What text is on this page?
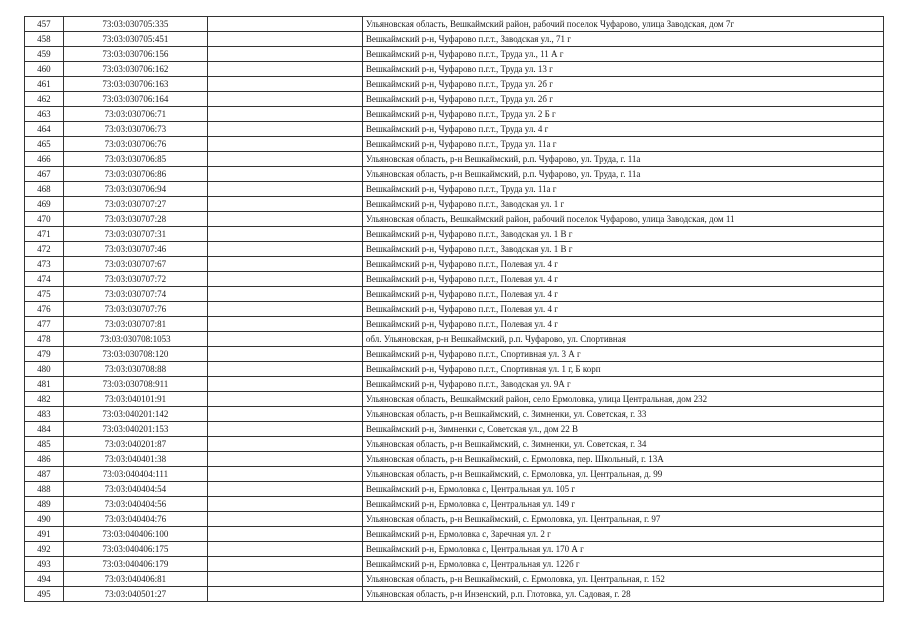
457	73:03:030705:335		Ульяновская область, Вешкаймский район, рабочий поселок Чуфарово, улица Заводская, дом 7г
458	73:03:030705:451		Вешкаймский р-н, Чуфарово п.г.т., Заводская ул., 71 г
459	73:03:030706:156		Вешкаймский р-н, Чуфарово п.г.т., Труда ул., 11 А г
460	73:03:030706:162		Вешкаймский р-н, Чуфарово п.г.т., Труда ул. 13 г
461	73:03:030706:163		Вешкаймский р-н, Чуфарово п.г.т., Труда ул. 2б г
462	73:03:030706:164		Вешкаймский р-н, Чуфарово п.г.т., Труда ул. 2б г
463	73:03:030706:71		Вешкаймский р-н, Чуфарово п.г.т., Труда ул. 2 Б г
464	73:03:030706:73		Вешкаймский р-н, Чуфарово п.г.т., Труда ул. 4 г
465	73:03:030706:76		Вешкаймский р-н, Чуфарово п.г.т., Труда ул. 11а г
466	73:03:030706:85		Ульяновская область, р-н Вешкаймский, р.п. Чуфарово, ул. Труда, г. 11а
467	73:03:030706:86		Ульяновская область, р-н Вешкаймский, р.п. Чуфарово, ул. Труда, г. 11а
468	73:03:030706:94		Вешкаймский р-н, Чуфарово п.г.т., Труда ул. 11а г
469	73:03:030707:27		Вешкаймский р-н, Чуфарово п.г.т., Заводская ул. 1 г
470	73:03:030707:28		Ульяновская область, Вешкаймский район, рабочий поселок Чуфарово, улица Заводская, дом 11
471	73:03:030707:31		Вешкаймский р-н, Чуфарово п.г.т., Заводская ул. 1 В г
472	73:03:030707:46		Вешкаймский р-н, Чуфарово п.г.т., Заводская ул. 1 В г
473	73:03:030707:67		Вешкаймский р-н, Чуфарово п.г.т., Полевая ул. 4 г
474	73:03:030707:72		Вешкаймский р-н, Чуфарово п.г.т., Полевая ул. 4 г
475	73:03:030707:74		Вешкаймский р-н, Чуфарово п.г.т., Полевая ул. 4 г
476	73:03:030707:76		Вешкаймский р-н, Чуфарово п.г.т., Полевая ул. 4 г
477	73:03:030707:81		Вешкаймский р-н, Чуфарово п.г.т., Полевая ул. 4 г
478	73:03:030708:1053		обл. Ульяновская, р-н Вешкаймский, р.п. Чуфарово, ул. Спортивная
479	73:03:030708:120		Вешкаймский р-н, Чуфарово п.г.т., Спортивная ул. 3 А г
480	73:03:030708:88		Вешкаймский р-н, Чуфарово п.г.т., Спортивная ул. 1 г, Б корп
481	73:03:030708:911		Вешкаймский р-н, Чуфарово п.г.т., Заводская ул. 9А г
482	73:03:040101:91		Ульяновская область, Вешкаймский район, село Ермоловка, улица Центральная, дом 232
483	73:03:040201:142		Ульяновская область, р-н Вешкаймский, с. Зимненки, ул. Советская, г. 33
484	73:03:040201:153		Вешкаймский р-н, Зимненки с, Советская ул., дом 22 В
485	73:03:040201:87		Ульяновская область, р-н Вешкаймский, с. Зимненки, ул. Советская, г. 34
486	73:03:040401:38		Ульяновская область, р-н Вешкаймский, с. Ермоловка, пер. Школьный, г. 13А
487	73:03:040404:111		Ульяновская область, р-н Вешкаймский, с. Ермоловка, ул. Центральная, д. 99
488	73:03:040404:54		Вешкаймский р-н, Ермоловка с, Центральная ул. 105 г
489	73:03:040404:56		Вешкаймский р-н, Ермоловка с, Центральная ул. 149 г
490	73:03:040404:76		Ульяновская область, р-н Вешкаймский, с. Ермоловка, ул. Центральная, г. 97
491	73:03:040406:100		Вешкаймский р-н, Ермоловка с, Заречная ул. 2 г
492	73:03:040406:175		Вешкаймский р-н, Ермоловка с, Центральная ул. 170 А г
493	73:03:040406:179		Вешкаймский р-н, Ермоловка с, Центральная ул. 122б г
494	73:03:040406:81		Ульяновская область, р-н Вешкаймский, с. Ермоловка, ул. Центральная, г. 152
495	73:03:040501:27		Ульяновская область, р-н Инзенский, р.п. Глотовка, ул. Садовая, г. 28
